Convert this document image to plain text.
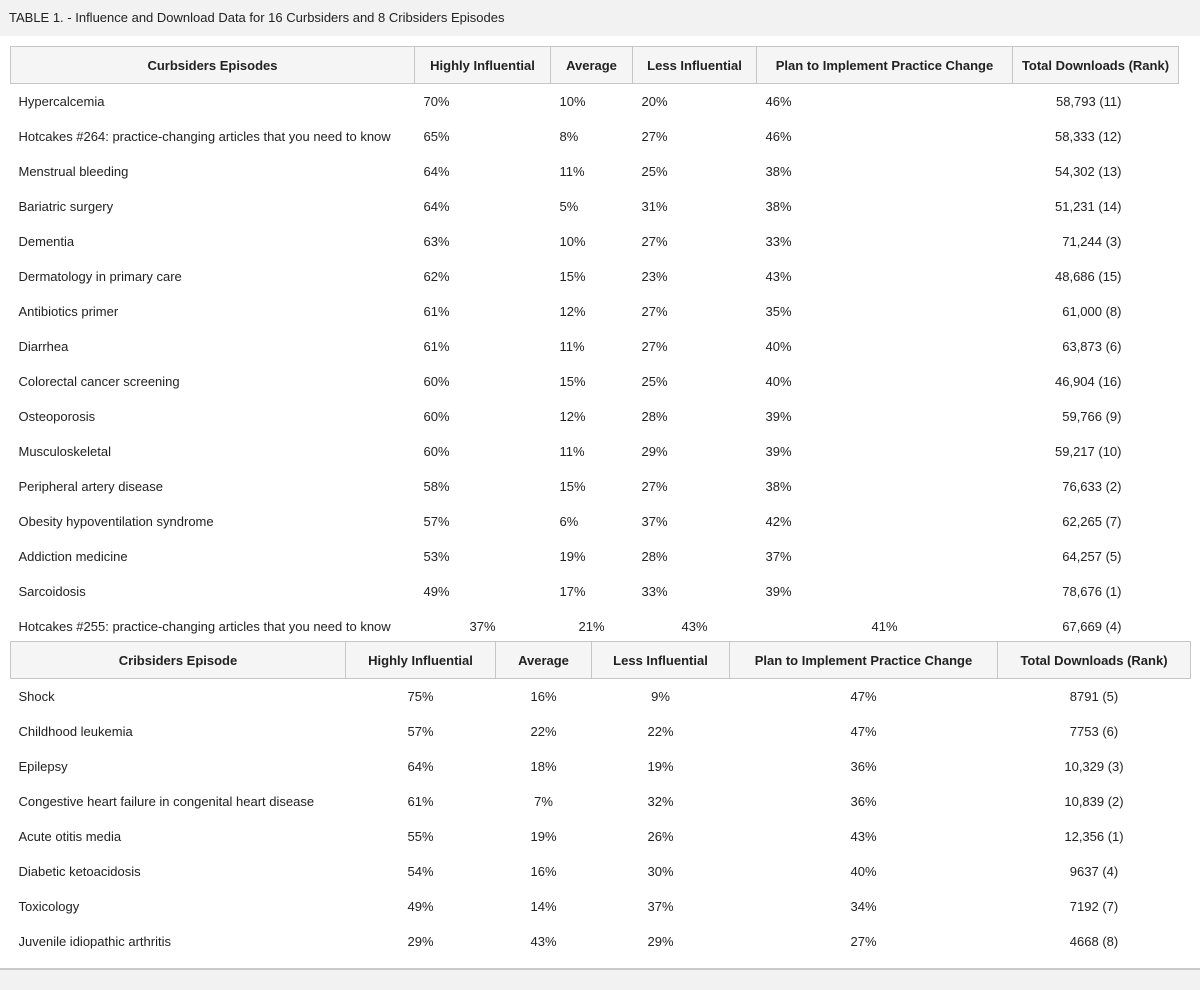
TABLE 1. - Influence and Download Data for 16 Curbsiders and 8 Cribsiders Episodes
Curbsiders Episodes	Highly Influential	Average	Less Influential	Plan to Implement Practice Change	Total Downloads (Rank)
Hypercalcemia	70%	10%	20%	46%	58,793 (11)
Hotcakes #264: practice-changing articles that you need to know	65%	8%	27%	46%	58,333 (12)
Menstrual bleeding	64%	11%	25%	38%	54,302 (13)
Bariatric surgery	64%	5%	31%	38%	51,231 (14)
Dementia	63%	10%	27%	33%	71,244 (3)
Dermatology in primary care	62%	15%	23%	43%	48,686 (15)
Antibiotics primer	61%	12%	27%	35%	61,000 (8)
Diarrhea	61%	11%	27%	40%	63,873 (6)
Colorectal cancer screening	60%	15%	25%	40%	46,904 (16)
Osteoporosis	60%	12%	28%	39%	59,766 (9)
Musculoskeletal	60%	11%	29%	39%	59,217 (10)
Peripheral artery disease	58%	15%	27%	38%	76,633 (2)
Obesity hypoventilation syndrome	57%	6%	37%	42%	62,265 (7)
Addiction medicine	53%	19%	28%	37%	64,257 (5)
Sarcoidosis	49%	17%	33%	39%	78,676 (1)
Hotcakes #255: practice-changing articles that you need to know	37%	21%	43%	41%	67,669 (4)
Cribsiders Episode	Highly Influential	Average	Less Influential	Plan to Implement Practice Change	Total Downloads (Rank)
Shock	75%	16%	9%	47%	8791 (5)
Childhood leukemia	57%	22%	22%	47%	7753 (6)
Epilepsy	64%	18%	19%	36%	10,329 (3)
Congestive heart failure in congenital heart disease	61%	7%	32%	36%	10,839 (2)
Acute otitis media	55%	19%	26%	43%	12,356 (1)
Diabetic ketoacidosis	54%	16%	30%	40%	9637 (4)
Toxicology	49%	14%	37%	34%	7192 (7)
Juvenile idiopathic arthritis	29%	43%	29%	27%	4668 (8)
